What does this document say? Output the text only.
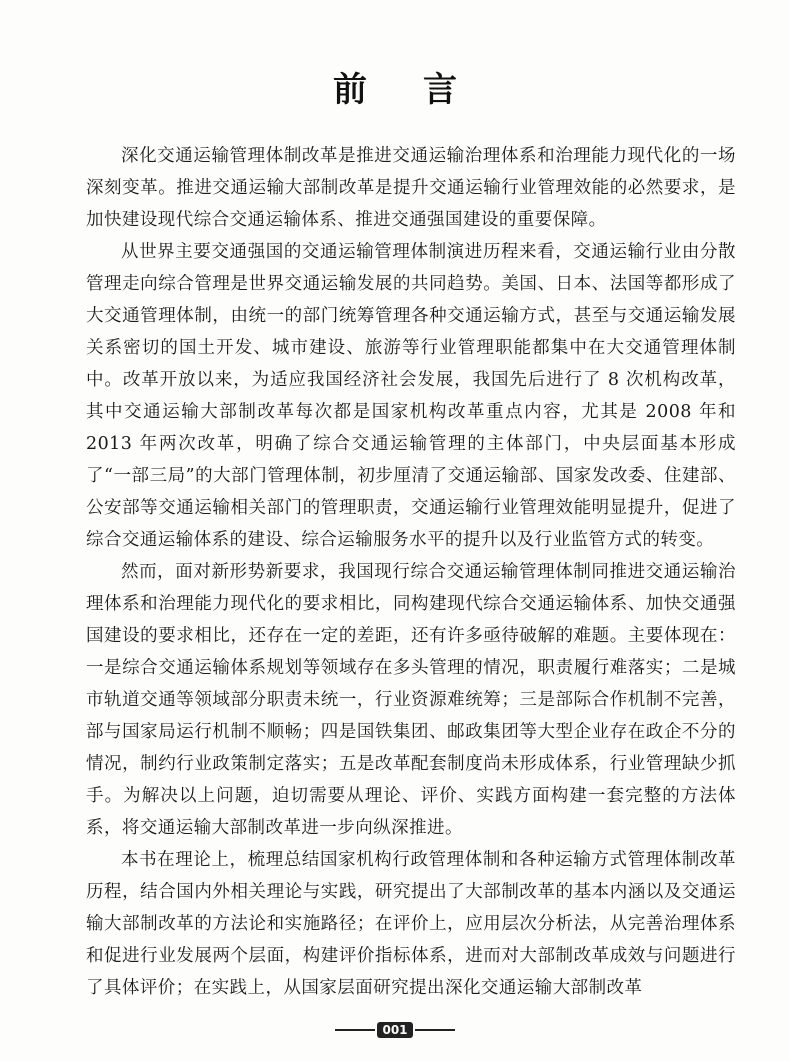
前 言

深化交通运输管理体制改革是推进交通运输治理体系和治理能力现代化的一场深刻变革。推进交通运输大部制改革是提升交通运输行业管理效能的必然要求，是加快建设现代综合交通运输体系、推进交通强国建设的重要保障。

从世界主要交通强国的交通运输管理体制演进历程来看，交通运输行业由分散管理走向综合管理是世界交通运输发展的共同趋势。美国、日本、法国等都形成了大交通管理体制，由统一的部门统筹管理各种交通运输方式，甚至与交通运输发展关系密切的国土开发、城市建设、旅游等行业管理职能都集中在大交通管理体制中。改革开放以来，为适应我国经济社会发展，我国先后进行了 8 次机构改革，其中交通运输大部制改革每次都是国家机构改革重点内容，尤其是 2008 年和 2013 年两次改革，明确了综合交通运输管理的主体部门，中央层面基本形成了“一部三局”的大部门管理体制，初步厘清了交通运输部、国家发改委、住建部、公安部等交通运输相关部门的管理职责，交通运输行业管理效能明显提升，促进了综合交通运输体系的建设、综合运输服务水平的提升以及行业监管方式的转变。

然而，面对新形势新要求，我国现行综合交通运输管理体制同推进交通运输治理体系和治理能力现代化的要求相比，同构建现代综合交通运输体系、加快交通强国建设的要求相比，还存在一定的差距，还有许多亟待破解的难题。主要体现在：一是综合交通运输体系规划等领域存在多头管理的情况，职责履行难落实；二是城市轨道交通等领域部分职责未统一，行业资源难统筹；三是部际合作机制不完善，部与国家局运行机制不顺畅；四是国铁集团、邮政集团等大型企业存在政企不分的情况，制约行业政策制定落实；五是改革配套制度尚未形成体系，行业管理缺少抓手。为解决以上问题，迫切需要从理论、评价、实践方面构建一套完整的方法体系，将交通运输大部制改革进一步向纵深推进。

本书在理论上，梳理总结国家机构行政管理体制和各种运输方式管理体制改革历程，结合国内外相关理论与实践，研究提出了大部制改革的基本内涵以及交通运输大部制改革的方法论和实施路径；在评价上，应用层次分析法，从完善治理体系和促进行业发展两个层面，构建评价指标体系，进而对大部制改革成效与问题进行了具体评价；在实践上，从国家层面研究提出深化交通运输大部制改革

001
